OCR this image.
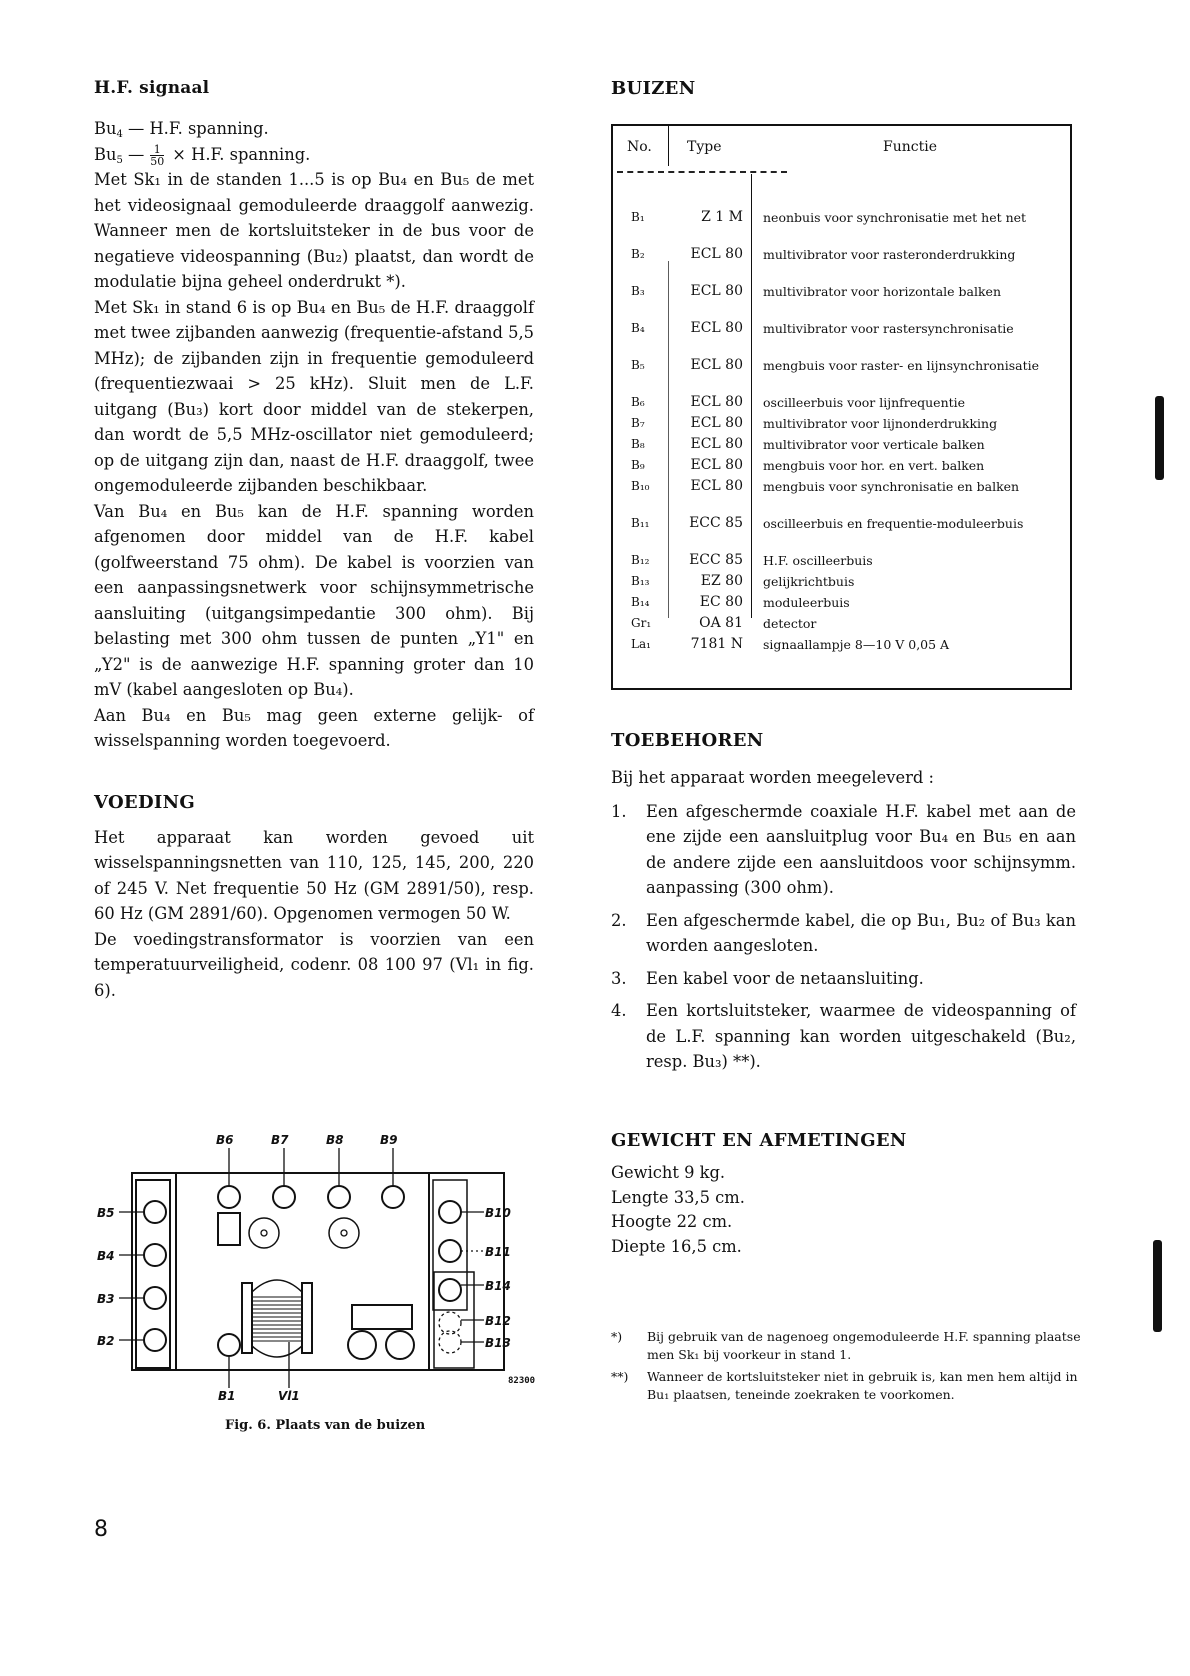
H.F. signaal

$Bu_4$ — H.F. spanning.

$Bu_5$ — $\frac{1}{50} \times H.F$. spanning.

Met Sk₁ in de standen 1...5 is op Bu₄ en Bu₅ de met het videosignaal gemoduleerde draaggolf aanwezig. Wanneer men de kortsluitsteker in de bus voor de negatieve videospanning (Bu₂) plaatst, dan wordt de modulatie bijna geheel onderdrukt *).

Met Sk₁ in stand 6 is op Bu₄ en Bu₅ de H.F. draaggolf met twee zijbanden aanwezig (frequentie-afstand 5,5 MHz); de zijbanden zijn in frequentie gemoduleerd (frequentiezwaai > 25 kHz). Sluit men de L.F. uitgang (Bu₃) kort door middel van de stekerpen, dan wordt de 5,5 MHz-oscillator niet gemoduleerd; op de uitgang zijn dan, naast de H.F. draaggolf, twee ongemoduleerde zijbanden beschikbaar.

Van Bu₄ en Bu₅ kan de H.F. spanning worden afgenomen door middel van de H.F. kabel (golfweerstand 75 ohm). De kabel is voorzien van een aanpassingsnetwerk voor schijnsymmetrische aansluiting (uitgangsimpedantie 300 ohm). Bij belasting met 300 ohm tussen de punten „Y1" en „Y2" is de aanwezige H.F. spanning groter dan 10 mV (kabel aangesloten op Bu₄).

Aan Bu₄ en Bu₅ mag geen externe gelijk- of wisselspanning worden toegevoerd.

VOEDING

Het apparaat kan worden gevoed uit wisselspanningsnetten van 110, 125, 145, 200, 220 of 245 V. Net frequentie 50 Hz (GM 2891/50), resp. 60 Hz (GM 2891/60). Opgenomen vermogen 50 W.

De voedingstransformator is voorzien van een temperatuurveiligheid, codenr. 08 100 97 (Vl₁ in fig. 6).

B6	B7	B8	B9
B5
B4
B3
B2
B10
B11
B14
B12
B13
B1	Vl1
82300
Fig. 6. Plaats van de buizen
BUIZEN
No.	Type	Functie
B₁	Z 1 M neonbuis voor synchronisatie met het net
B₂	ECL 80 multivibrator voor rasteronderdrukking
B₃	ECL 80 multivibrator voor horizontale balken
B₄	ECL 80 multivibrator voor rastersynchronisatie
B₅	ECL 80 mengbuis voor raster- en lijnsynchronisatie
B₆	ECL 80 oscilleerbuis voor lijnfrequentie
B₇	ECL 80 multivibrator voor lijnonderdrukking
B₈	ECL 80 multivibrator voor verticale balken
B₉	ECL 80 mengbuis voor hor. en vert. balken
B₁₀	ECL 80 mengbuis voor synchronisatie en balken
B₁₁	ECC 85 oscilleerbuis en frequentie-moduleerbuis
B₁₂	ECC 85 H.F. oscilleerbuis
B₁₃	EZ 80 gelijkrichtbuis
B₁₄	EC 80 moduleerbuis
Gr₁	OA 81 detector
La₁	7181 N signaallampje 8—10 V 0,05 A
TOEBEHOREN

Bij het apparaat worden meegeleverd :

1. Een afgeschermde coaxiale H.F. kabel met aan de ene zijde een aansluitplug voor Bu₄ en Bu₅ en aan de andere zijde een aansluitdoos voor schijnsymm. aanpassing (300 ohm).
2. Een afgeschermde kabel, die op Bu₁, Bu₂ of Bu₃ kan worden aangesloten.
3. Een kabel voor de netaansluiting.
4. Een kortsluitsteker, waarmee de videospanning of de L.F. spanning kan worden uitgeschakeld (Bu₂, resp. Bu₃) **).
GEWICHT EN AFMETINGEN

Gewicht 9 kg.

Lengte 33,5 cm.

Hoogte 22 cm.

Diepte 16,5 cm.

*) Bij gebruik van de nagenoeg ongemoduleerde H.F. spanning plaatse men Sk₁ bij voorkeur in stand 1.
**) Wanneer de kortsluitsteker niet in gebruik is, kan men hem altijd in Bu₁ plaatsen, teneinde zoekraken te voorkomen.
8
